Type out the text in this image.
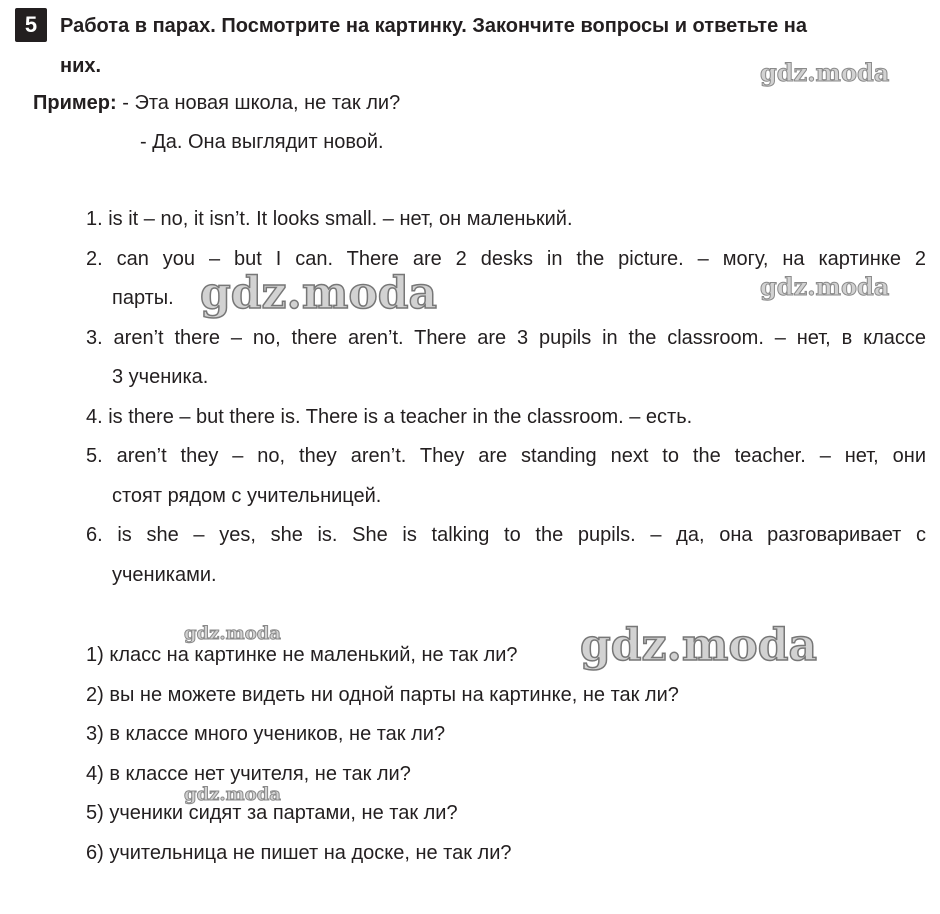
5	Работа в парах. Посмотрите на картинку. Закончите вопросы и ответьте на
них.
Пример: - Эта новая школа, не так ли?
- Да. Она выглядит новой.
1. is it – no, it isn’t. It looks small. – нет, он маленький.
2. can you – but I can. There are 2 desks in the picture. – могу, на картинке 2
парты.
3. aren’t there – no, there aren’t. There are 3 pupils in the classroom. – нет, в классе
3 ученика.
4. is there – but there is. There is a teacher in the classroom. – есть.
5. aren’t they – no, they aren’t. They are standing next to the teacher. – нет, они
стоят рядом с учительницей.
6. is she – yes, she is. She is talking to the pupils. – да, она разговаривает с
учениками.
1) класс на картинке не маленький, не так ли?
2) вы не можете видеть ни одной парты на картинке, не так ли?
3) в классе много учеников, не так ли?
4) в классе нет учителя, не так ли?
5) ученики сидят за партами, не так ли?
6) учительница не пишет на доске, не так ли?
gdz.moda
gdz.moda	gdz.moda
gdz.moda	gdz.moda
gdz.moda
